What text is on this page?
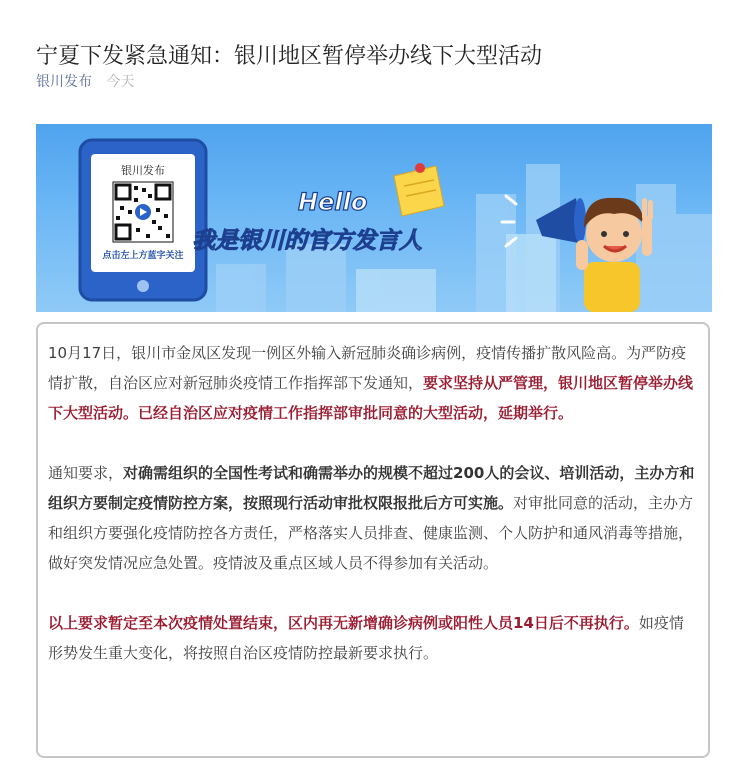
宁夏下发紧急通知：银川地区暂停举办线下大型活动
银川发布 今天
银川发布
点击左上方蓝字关注
Hello
我是银川的官方发言人

10月17日，银川市金凤区发现一例区外输入新冠肺炎确诊病例，疫情传播扩散风险高。为严防疫情扩散，自治区应对新冠肺炎疫情工作指挥部下发通知，要求坚持从严管理，银川地区暂停举办线下大型活动。已经自治区应对疫情工作指挥部审批同意的大型活动，延期举行。

通知要求，对确需组织的全国性考试和确需举办的规模不超过200人的会议、培训活动，主办方和组织方要制定疫情防控方案，按照现行活动审批权限报批后方可实施。对审批同意的活动，主办方和组织方要强化疫情防控各方责任，严格落实人员排查、健康监测、个人防护和通风消毒等措施，做好突发情况应急处置。疫情波及重点区域人员不得参加有关活动。

以上要求暂定至本次疫情处置结束，区内再无新增确诊病例或阳性人员14日后不再执行。如疫情形势发生重大变化，将按照自治区疫情防控最新要求执行。
